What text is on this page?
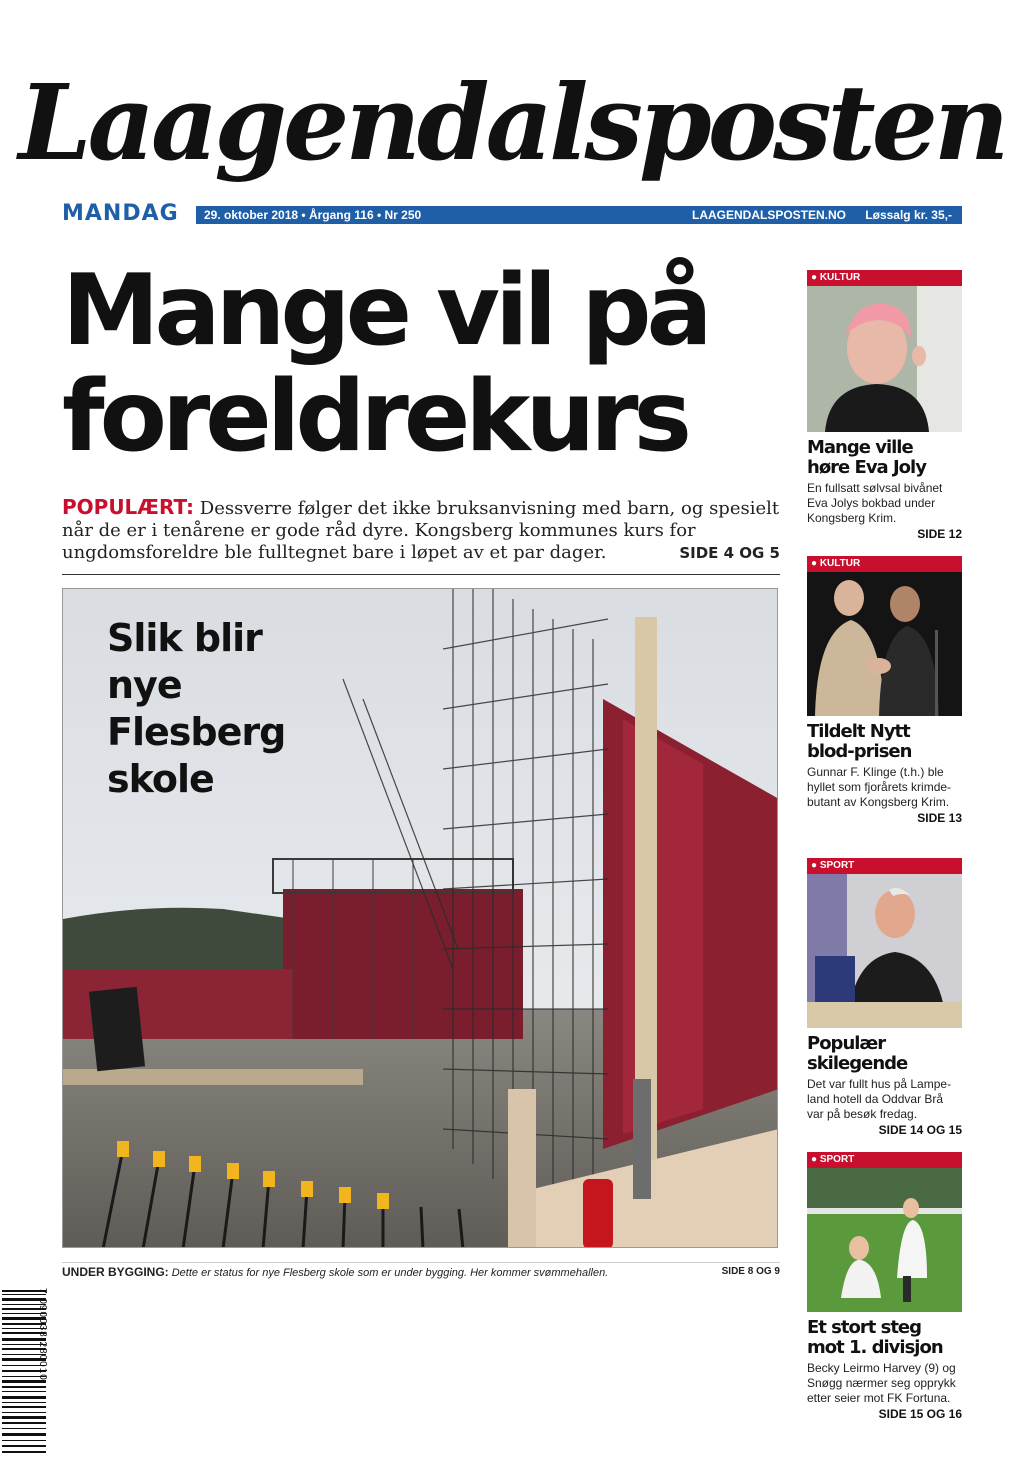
Laagendalsposten
MANDAG	29. oktober 2018 • Årgang 116 • Nr 250	LAAGENDALSPOSTEN.NO Løssalg kr. 35,-
Mange vil på
foreldrekurs
POPULÆRT: Dessverre følger det ikke bruksanvisning med barn, og spesielt når de er i tenårene er gode råd dyre. Kongsberg kommunes kurs for ungdomsforeldre ble fulltegnet bare i løpet av et par dager.	SIDE 4 OG 5
Slik blir
nye
Flesberg
skole
UNDER BYGGING: Dette er status for nye Flesberg skole som er under bygging. Her kommer svømmehallen.	SIDE 8 OG 9
7 090038 280010
● KULTUR
Mange ville
høre Eva Joly
En fullsatt sølvsal bivånet Eva Jolys bokbad under Kongsberg Krim.
SIDE 12
● KULTUR
Tildelt Nytt
blod-prisen
Gunnar F. Klinge (t.h.) ble hyllet som fjorårets krimde-butant av Kongsberg Krim.
SIDE 13
● SPORT
Populær
skilegende
Det var fullt hus på Lampe-land hotell da Oddvar Brå var på besøk fredag.
SIDE 14 OG 15
● SPORT
Et stort steg
mot 1. divisjon
Becky Leirmo Harvey (9) og Snøgg nærmer seg opprykk etter seier mot FK Fortuna.
SIDE 15 OG 16
